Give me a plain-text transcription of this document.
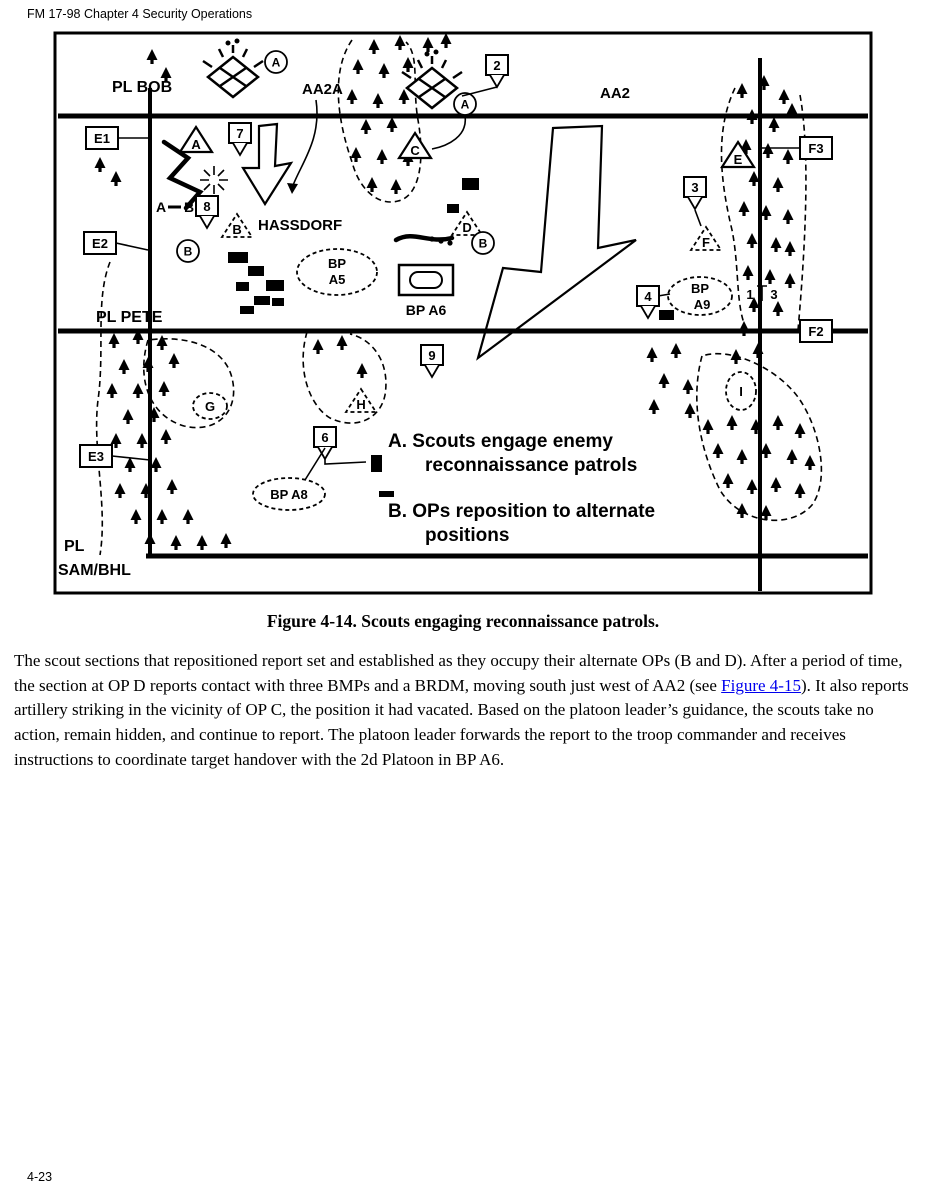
FM 17-98 Chapter 4 Security Operations
A	C
E
B	D
F
H
G
I
A
A
B
B
2
7
8
3
4
9
6
A B
E1
E2
E3
F3
F2
BP
A5
BP A6
BP
A9
BP A8
1 3
PL BOB	AA2A	AA2
PL PETE
PL
SAM/BHL
HASSDORF
A. Scouts engage enemy
reconnaissance patrols
B. OPs reposition to alternate
positions
Figure 4-14. Scouts engaging reconnaissance patrols.

The scout sections that repositioned report set and established as they occupy their alternate OPs (B and D). After a period of time, the section at OP D reports contact with three BMPs and a BRDM, moving south just west of AA2 (see Figure 4-15). It also reports artillery striking in the vicinity of OP C, the position it had vacated. Based on the platoon leader’s guidance, the scouts take no action, remain hidden, and continue to report. The platoon leader forwards the report to the troop commander and receives instructions to coordinate target handover with the 2d Platoon in BP A6.

4-23
